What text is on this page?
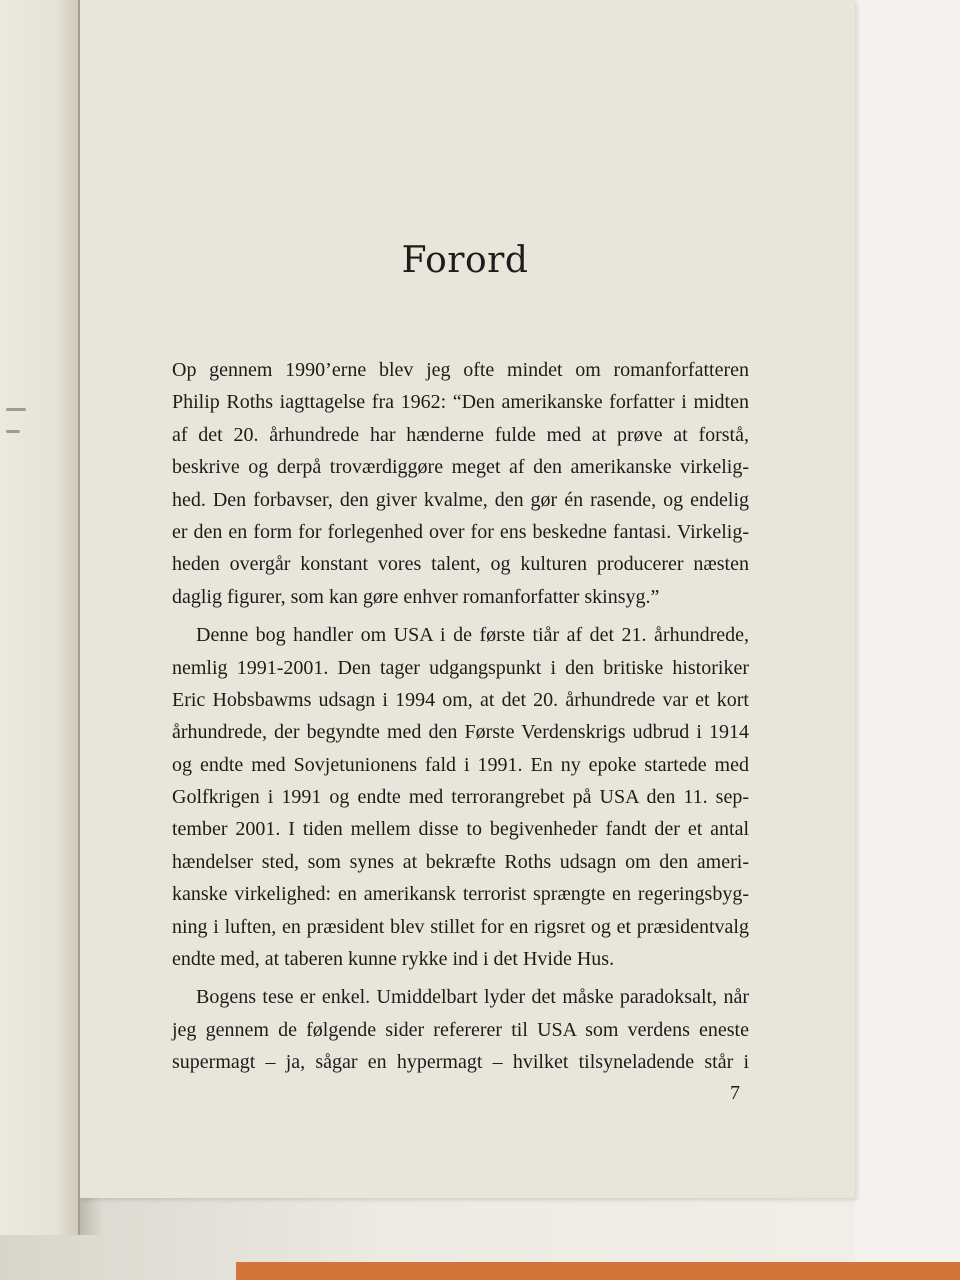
Forord
Op gennem 1990’erne blev jeg ofte mindet om romanforfatteren
Philip Roths iagttagelse fra 1962: “Den amerikanske forfatter i midten
af det 20. århundrede har hænderne fulde med at prøve at forstå,
beskrive og derpå troværdiggøre meget af den amerikanske virkelig-
hed. Den forbavser, den giver kvalme, den gør én rasende, og endelig
er den en form for forlegenhed over for ens beskedne fantasi. Virkelig-
heden overgår konstant vores talent, og kulturen producerer næsten
daglig figurer, som kan gøre enhver romanforfatter skinsyg.”
Denne bog handler om USA i de første tiår af det 21. århundrede,
nemlig 1991-2001. Den tager udgangspunkt i den britiske historiker
Eric Hobsbawms udsagn i 1994 om, at det 20. århundrede var et kort
århundrede, der begyndte med den Første Verdenskrigs udbrud i 1914
og endte med Sovjetunionens fald i 1991. En ny epoke startede med
Golfkrigen i 1991 og endte med terrorangrebet på USA den 11. sep-
tember 2001. I tiden mellem disse to begivenheder fandt der et antal
hændelser sted, som synes at bekræfte Roths udsagn om den ameri-
kanske virkelighed: en amerikansk terrorist sprængte en regeringsbyg-
ning i luften, en præsident blev stillet for en rigsret og et præsidentvalg
endte med, at taberen kunne rykke ind i det Hvide Hus.
Bogens tese er enkel. Umiddelbart lyder det måske paradoksalt, når
jeg gennem de følgende sider refererer til USA som verdens eneste
supermagt – ja, sågar en hypermagt – hvilket tilsyneladende står i
7
